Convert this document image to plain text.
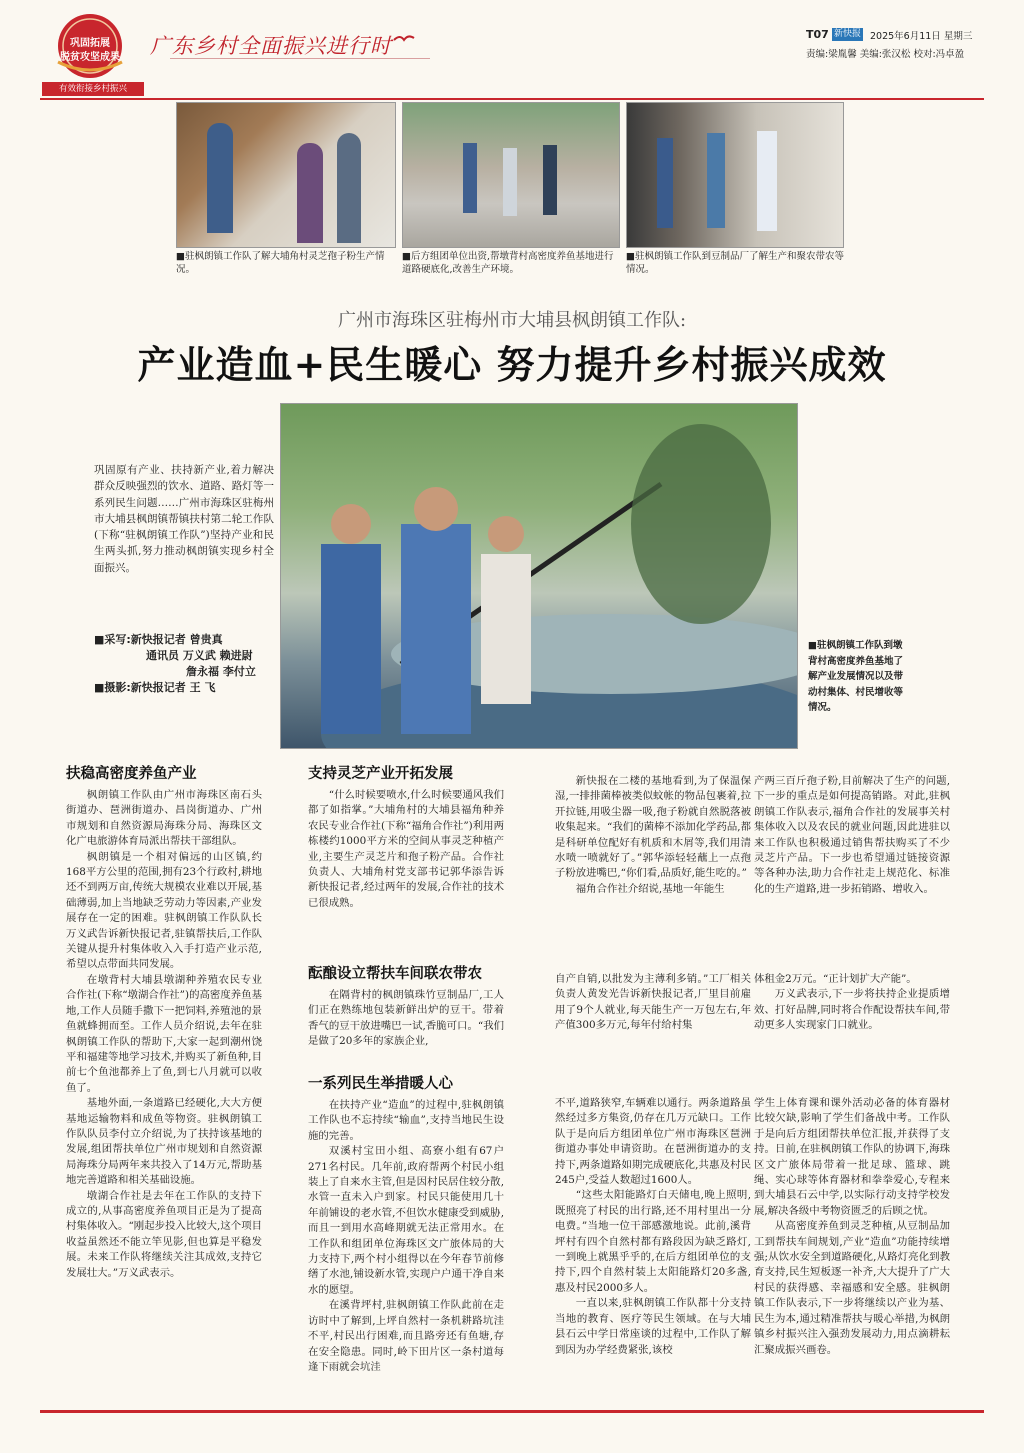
巩固拓展
脱贫攻坚成果
有效衔接乡村振兴
广东乡村全面振兴进行时	T07 新快报 2025年6月11日 星期三
责编:梁胤馨 美编:张汉松 校对:冯卓盈
■驻枫朗镇工作队了解大埔角村灵芝孢子粉生产情况。
■后方组团单位出资,帮墩背村高密度养鱼基地进行道路硬底化,改善生产环境。
■驻枫朗镇工作队到豆制品厂了解生产和聚农带农等情况。
广州市海珠区驻梅州市大埔县枫朗镇工作队:
产业造血+民生暖心 努力提升乡村振兴成效
■驻枫朗镇工作队到墩背村高密度养鱼基地了解产业发展情况以及带动村集体、村民增收等情况。
巩固原有产业、扶持新产业,着力解决群众反映强烈的饮水、道路、路灯等一系列民生问题……广州市海珠区驻梅州市大埔县枫朗镇帮镇扶村第二轮工作队(下称“驻枫朗镇工作队”)坚持产业和民生两头抓,努力推动枫朗镇实现乡村全面振兴。
■采写:新快报记者 曾贵真
通讯员 万义武 赖进尉
詹永福 李付立
■摄影:新快报记者 王 飞
扶稳高密度养鱼产业	支持灵芝产业开拓发展
酝酿设立帮扶车间联农带农
一系列民生举措暖人心

枫朗镇工作队由广州市海珠区南石头街道办、琶洲街道办、昌岗街道办、广州市规划和自然资源局海珠分局、海珠区文化广电旅游体育局派出帮扶干部组队。

枫朗镇是一个相对偏远的山区镇,约168平方公里的范围,拥有23个行政村,耕地还不到两万亩,传统大规模农业难以开展,基础薄弱,加上当地缺乏劳动力等因素,产业发展存在一定的困难。驻枫朗镇工作队队长万义武告诉新快报记者,驻镇帮扶后,工作队关键从提升村集体收入入手打造产业示范,希望以点带面共同发展。

在墩背村大埔县墩湖种养殖农民专业合作社(下称“墩湖合作社”)的高密度养鱼基地,工作人员随手撒下一把饲料,养殖池的景鱼就蜂拥而至。工作人员介绍说,去年在驻枫朗镇工作队的帮助下,大家一起到潮州饶平和福建等地学习技术,并购买了新鱼种,目前七个鱼池都养上了鱼,到七八月就可以收鱼了。

基地外面,一条道路已经硬化,大大方便基地运输物料和成鱼等物资。驻枫朗镇工作队队员李付立介绍说,为了扶持该基地的发展,组团帮扶单位广州市规划和自然资源局海珠分局两年来共投入了14万元,帮助基地完善道路和相关基础设施。

墩湖合作社是去年在工作队的支持下成立的,从事高密度养鱼项目正是为了提高村集体收入。“刚起步投入比较大,这个项目收益虽然还不能立竿见影,但也算是平稳发展。未来工作队将继续关注其成效,支持它发展壮大。”万义武表示。

“什么时候要喷水,什么时候要通风我们都了如指掌。”大埔角村的大埔县福角种养农民专业合作社(下称“福角合作社”)利用两栋楼约1000平方米的空间从事灵芝种植产业,主要生产灵芝片和孢子粉产品。合作社负责人、大埔角村党支部书记郭华添告诉新快报记者,经过两年的发展,合作社的技术已很成熟。

新快报在二楼的基地看到,为了保温保湿,一排排菌棒被类似蚊帐的物品包裹着,拉开拉链,用吸尘器一吸,孢子粉就自然脱落被收集起来。“我们的菌棒不添加化学药品,都是科研单位配好有机质和木屑等,我们用清水喷一喷就好了。”郭华添轻轻蘸上一点孢子粉放进嘴巴,“你们看,品质好,能生吃的。”

福角合作社介绍说,基地一年能生

产两三百斤孢子粉,目前解决了生产的问题,下一步的重点是如何提高销路。对此,驻枫朗镇工作队表示,福角合作社的发展事关村集体收入以及农民的就业问题,因此进驻以来工作队也积极通过销售帮扶购买了不少灵芝片产品。下一步也希望通过链接资源等各种办法,助力合作社走上规范化、标准化的生产道路,进一步拓销路、增收入。

在隔背村的枫朗镇珠竹豆制品厂,工人们正在熟练地包装新鲜出炉的豆干。带着香气的豆干放进嘴巴一试,香脆可口。“我们是做了20多年的家族企业,

自产自销,以批发为主薄利多销。”工厂相关负责人黄发光告诉新快报记者,厂里目前雇用了9个人就业,每天能生产一万包左右,年产值300多万元,每年付给村集

体租金2万元。“正计划扩大产能”。

万义武表示,下一步将扶持企业提质增效、打好品牌,同时将合作配设帮扶车间,带动更多人实现家门口就业。

在扶持产业“造血”的过程中,驻枫朗镇工作队也不忘持续“输血”,支持当地民生设施的完善。

双溪村宝田小组、高寮小组有67户271名村民。几年前,政府帮两个村民小组装上了自来水主管,但是因村民居住较分散,水管一直未入户到家。村民只能使用几十年前铺设的老水管,不但饮水健康受到威胁,而且一到用水高峰期就无法正常用水。在工作队和组团单位海珠区文广旅体局的大力支持下,两个村小组得以在今年春节前修缮了水池,铺设新水管,实现户户通干净自来水的愿望。

在溪背坪村,驻枫朗镇工作队此前在走访时中了解到,上坪自然村一条机耕路坑洼不平,村民出行困难,而且路旁还有鱼塘,存在安全隐患。同时,岭下田片区一条村道每逢下雨就会坑洼

不平,道路狭窄,车辆难以通行。两条道路虽然经过多方集资,仍存在几万元缺口。工作队于是向后方组团单位广州市海珠区琶洲街道办事处申请资助。在琶洲街道办的支持下,两条道路如期完成硬底化,共惠及村民245户,受益人数超过1600人。

“这些太阳能路灯白天储电,晚上照明,既照亮了村民的出行路,还不用村里出一分电费。”当地一位干部感激地说。此前,溪背坪村有四个自然村都有路段因为缺乏路灯,一到晚上就黑乎乎的,在后方组团单位的支持下,四个自然村装上太阳能路灯20多盏,惠及村民2000多人。

一直以来,驻枫朗镇工作队都十分支持当地的教育、医疗等民生领域。在与大埔县石云中学日常座谈的过程中,工作队了解到因为办学经费紧张,该校

学生上体育课和课外活动必备的体育器材比较欠缺,影响了学生们备战中考。工作队于是向后方组团帮扶单位汇报,并获得了支持。日前,在驻枫朗镇工作队的协调下,海珠区文广旅体局带着一批足球、篮球、跳绳、实心球等体育器材和拳拳爱心,专程来到大埔县石云中学,以实际行动支持学校发展,解决各级中考物资匮乏的后顾之忧。

从高密度养鱼到灵芝种植,从豆制品加工到帮扶车间规划,产业“造血”功能持续增强;从饮水安全到道路硬化,从路灯亮化到教育支持,民生短板逐一补齐,大大提升了广大村民的获得感、幸福感和安全感。驻枫朗镇工作队表示,下一步将继续以产业为基、民生为本,通过精准帮扶与暖心举措,为枫朗镇乡村振兴注入强劲发展动力,用点滴耕耘汇聚成振兴画卷。
